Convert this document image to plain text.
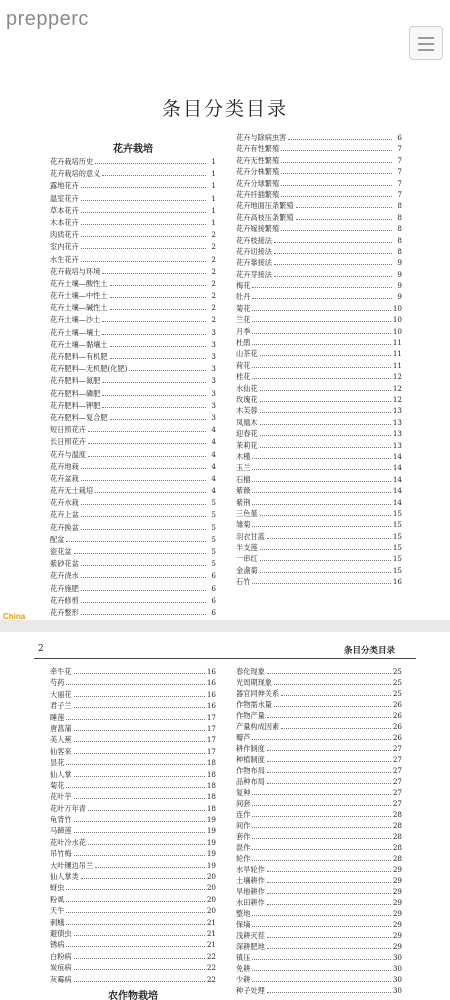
prepperc
条目分类目录
花卉栽培
花卉栽培历史	1
花卉栽培的意义	1
露地花卉	1
温室花卉	1
草本花卉	1
木本花卉	1
肉质花卉	2
室内花卉	2
水生花卉	2
花卉栽培与环境	2
花卉土壤—酸性土	2
花卉土壤—中性土	2
花卉土壤—碱性土	2
花卉土壤—沙土	2
花卉土壤—壤土	3
花卉土壤—黏壤土	3
花卉肥料—有机肥	3
花卉肥料—无机肥(化肥)	3
花卉肥料—氮肥	3
花卉肥料—磷肥	3
花卉肥料—钾肥	3
花卉肥料—复合肥	3
短日照花卉	4
长日照花卉	4
花卉与温度	4
花卉地栽	4
花卉盆栽	4
花卉无土栽培	4
花卉水栽	5
花卉上盆	5
花卉换盆	5
配盆	5
瓷花盆	5
紫砂花盆	5
花卉浇水	6
花卉施肥	6
花卉修剪	6
花卉整形	6
花卉与除病虫害	6
花卉有性繁殖	7
花卉无性繁殖	7
花卉分株繁殖	7
花卉分球繁殖	7
花卉扦插繁殖	7
花卉地面压条繁殖	8
花卉高枝压条繁殖	8
花卉嫁接繁殖	8
花卉枝接法	8
花卉切接法	8
花卉靠接法	9
花卉芽接法	9
梅花	9
牡丹	9
菊花	10
兰花	10
月季	10
杜鹃	11
山茶花	11
荷花	11
桂花	12
水仙花	12
玫瑰花	12
木芙蓉	13
凤凰木	13
迎春花	13
茉莉花	13
木槿	14
玉兰	14
石榴	14
紫薇	14
紫荆	14
三色堇	15
雏菊	15
羽衣甘蓝	15
半支莲	15
一串红	15
金盏菊	15
石竹	16
China
2	条目分类目录
牵牛花	16
芍药	16
大丽花	16
君子兰	16
睡莲	17
唐菖蒲	17
美人蕉	17
仙客来	17
昙花	18
仙人掌	18
菊花	18
花叶芋	18
花叶万年青	18
龟背竹	19
马蹄莲	19
花叶冷水花	19
吊竹梅	19
大叶镶边吊兰	19
仙人掌类	20
蚜虫	20
粉虱	20
天牛	20
刺蛾	21
避债虫	21
锈病	21
白粉病	22
炭疽病	22
灰霉病	22
农作物栽培
春化现象	25
光周期现象	25
器官同伸关系	25
作物需水量	26
作物产量	26
产量构成因素	26
瓣芦	26
耕作制度	27
种植制度	27
作物布局	27
品种布局	27
复种	27
间套	27
连作	28
间作	28
套作	28
混作	28
轮作	28
水旱轮作	29
土壤耕作	29
旱地耕作	29
水田耕作	29
整地	29
保墒	29
浅耕灭茬	29
深耕肥地	29
镇压	30
免耕	30
少耕	30
种子处理	30
